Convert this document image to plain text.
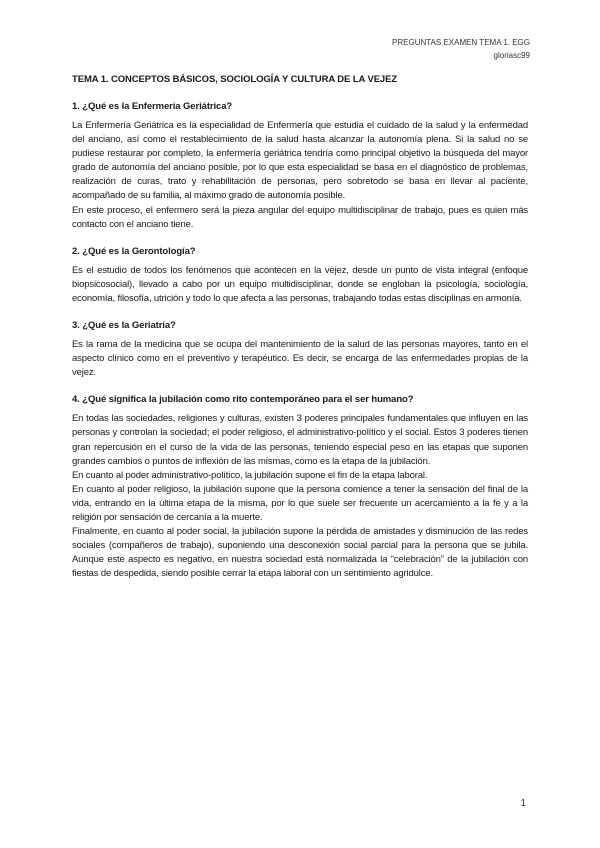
PREGUNTAS EXAMEN TEMA 1. EGG
gloriasc99
TEMA 1. CONCEPTOS BÁSICOS, SOCIOLOGÍA Y CULTURA DE LA VEJEZ
1. ¿Qué es la Enfermería Geriátrica?

La Enfermería Geriátrica es la especialidad de Enfermería que estudia el cuidado de la salud y la enfermedad del anciano, así como el restablecimiento de la salud hasta alcanzar la autonomía plena. Si la salud no se pudiese restaurar por completo, la enfermería geriátrica tendría como principal objetivo la búsqueda del mayor grado de autonomía del anciano posible, por lo que esta especialidad se basa en el diagnóstico de problemas, realización de curas, trato y rehabilitación de personas, pero sobretodo se basa en llevar al paciente, acompañado de su familia, al máximo grado de autonomía posible.

En este proceso, el enfermero será la pieza angular del equipo multidisciplinar de trabajo, pues es quien más contacto con el anciano tiene.

2. ¿Qué es la Gerontología?

Es el estudio de todos los fenómenos que acontecen en la vejez, desde un punto de vista integral (enfoque biopsicosocial), llevado a cabo por un equipo multidisciplinar, donde se engloban la psicología, sociología, economía, filosofía, utrición y todo lo que afecta a las personas, trabajando todas estas disciplinas en armonía.

3. ¿Qué es la Geriatría?

Es la rama de la medicina que se ocupa del mantenimiento de la salud de las personas mayores, tanto en el aspecto clínico como en el preventivo y terapéutico. Es decir, se encarga de las enfermedades propias de la vejez.

4. ¿Qué significa la jubilación como rito contemporáneo para el ser humano?

En todas las sociedades, religiones y culturas, existen 3 poderes principales fundamentales que influyen en las personas y controlan la sociedad; el poder religioso, el administrativo-político y el social. Estos 3 poderes tienen gran repercusión en el curso de la vida de las personas, teniendo especial peso en las etapas que suponen grandes cambios o puntos de inflexión de las mismas, como es la etapa de la jubilación.

En cuanto al poder administrativo-político, la jubilación supone el fin de la etapa laboral.

En cuanto al poder religioso, la jubilación supone que la persona comience a tener la sensación del final de la vida, entrando en la última etapa de la misma, por lo que suele ser frecuente un acercamiento a la fe y a la religión por sensación de cercanía a la muerte.

Finalmente, en cuanto al poder social, la jubilación supone la pérdida de amistades y disminución de las redes sociales (compañeros de trabajo), suponiendo una desconexión social parcial para la persona que se jubila. Aunque este aspecto es negativo, en nuestra sociedad está normalizada la “celebración” de la jubilación con fiestas de despedida, siendo posible cerrar la etapa laboral con un sentimiento agridulce.

1
